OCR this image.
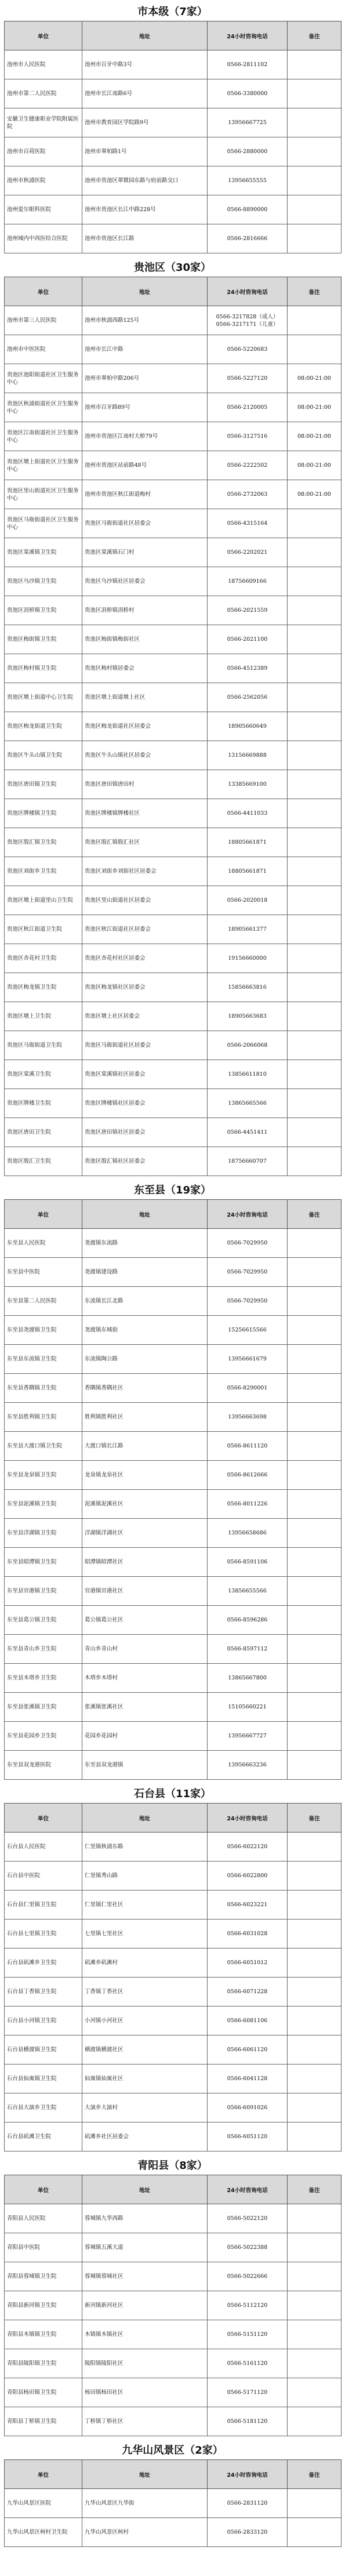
市本级（7家）
单位	地址	24小时咨询电话	备注
池州市人民医院	池州市百牙中路3号	0566-2811102	
池州市第二人民医院	池州市长江南路6号	0566-3380000	
安徽卫生健康职业学院附属医院	池州市教育园区学院路9号	13956667725	
池州市百荷医院	池州市翠柏路1号	0566-2880000	
池州市秋浦医院	池州市贵池区翠微园东路与府前路交口	13956655555	
池州爱尔眼科医院	池州市贵池区长江中路228号	0566-8890000	
池州城内中西医结合医院	池州市贵池区长江路	0566-2816666	
贵池区（30家）
单位	地址	24小时咨询电话	备注
池州市第三人民医院	池州市秋浦西路125号	0566-3217828（成人）0566-3217171（儿童）	
池州市中医医院	池州市长江中路	0566-5220683	
贵池区池阳街道社区卫生服务中心	池州市翠柏中路206号	0566-5227120	08:00-21:00
贵池区秋浦街道社区卫生服务中心	池州市百牙路89号	0566-2120005	08:00-21:00
贵池区江南街道社区卫生服务中心	池州市贵池区江南村大桥79号	0566-3127516	08:00-21:00
贵池区墩上街道社区卫生服务中心	池州市贵池区站前路48号	0566-2222502	08:00-21:00
贵池区里山街道社区卫生服务中心	池州市贵池区秋江街道梅村	0566-2732063	08:00-21:00
贵池区马衙街道社区卫生服务中心	贵池区马衙街道社区居委会	0566-4315164	
贵池区棠溪镇卫生院	贵池区棠溪镇石门村	0566-2202021	
贵池区乌沙镇卫生院	贵池区乌沙镇社区居委会	18756609166	
贵池区涓桥镇卫生院	贵池区涓桥镇涓桥村	0566-2021559	
贵池区梅街镇卫生院	贵池区梅街镇梅街社区	0566-2021100	
贵池区梅村镇卫生院	贵池区梅村镇居委会	0566-4512389	
贵池区墩上街道中心卫生院	贵池区墩上街道墩上社区	0566-2562056	
贵池区梅龙街道卫生院	贵池区梅龙街道社区居委会	18905660649	
贵池区牛头山镇卫生院	贵池区牛头山镇社区居委会	13156669888	
贵池区唐田镇卫生院	贵池区唐田镇唐田村	13385669100	
贵池区牌楼镇卫生院	贵池区牌楼镇牌楼社区	0566-4411033	
贵池区殷汇镇卫生院	贵池区殷汇镇殷汇社区	18805661871	
贵池区刘街乡卫生院	贵池区刘街乡刘街社区居委会	18805661871	
贵池区墩上街道里山卫生院	贵池区里山街道社区居委会	0566-2020018	
贵池区秋江街道卫生院	贵池区秋江街道社区居委会	18905661377	
贵池区杏花村卫生院	贵池区杏花村社区居委会	19156660000	
贵池区梅龙镇卫生院	贵池区梅龙镇社区居委会	15856663816	
贵池区墩上卫生院	贵池区墩上社区居委会	18905663683	
贵池区马衙街道卫生院	贵池区马衙街道社区居委会	0566-2066068	
贵池区棠溪卫生院	贵池区棠溪镇社区居委会	13856611810	
贵池区牌楼卫生院	贵池区牌楼镇社区居委会	13865665566	
贵池区唐田卫生院	贵池区唐田镇社区居委会	0566-4451411	
贵池区殷汇卫生院	贵池区殷汇镇社区居委会	18756660707	
东至县（19家）
单位	地址	24小时咨询电话	备注
东至县人民医院	尧渡镇东流路	0566-7029950	
东至县中医院	尧渡镇建设路	0566-7029950	
东至县第二人民医院	东流镇长江北路	0566-7029950	
东至县尧渡镇卫生院	尧渡镇东城街	15256615566	
东至县东流镇卫生院	东流镇陶公路	13956661679	
东至县香隅镇卫生院	香隅镇香隅社区	0566-8290001	
东至县胜利镇卫生院	胜利镇胜利社区	13956663698	
东至县大渡口镇卫生院	大渡口镇长江路	0566-8611120	
东至县龙泉镇卫生院	龙泉镇龙泉社区	0566-8612666	
东至县泥溪镇卫生院	泥溪镇泥溪社区	0566-8011226	
东至县洋湖镇卫生院	洋湖镇洋湖社区	13956658686	
东至县昭潭镇卫生院	昭潭镇昭潭社区	0566-8591106	
东至县官港镇卫生院	官港镇官港社区	13856655566	
东至县葛公镇卫生院	葛公镇葛公社区	0566-8596286	
东至县青山乡卫生院	青山乡青山村	0566-8597112	
东至县木塔乡卫生院	木塔乡木塔村	13865667800	
东至县张溪镇卫生院	张溪镇张溪社区	15105660221	
东至县花园乡卫生院	花园乡花园村	13956667727	
东至县双龙港医院	东至县双龙港镇	13956663236	
石台县（11家）
单位	地址	24小时咨询电话	备注
石台县人民医院	仁里镇秋浦东路	0566-6022120	
石台县中医院	仁里镇秀山路	0566-6022800	
石台县仁里镇卫生院	仁里镇仁里社区	0566-6023221	
石台县七里镇卫生院	七里镇七里社区	0566-6031028	
石台县矶滩乡卫生院	矶滩乡矶滩村	0566-6051012	
石台县丁香镇卫生院	丁香镇丁香社区	0566-6071228	
石台县小河镇卫生院	小河镇小河社区	0566-6081106	
石台县横渡镇卫生院	横渡镇横渡社区	0566-6061120	
石台县仙寓镇卫生院	仙寓镇仙寓社区	0566-6041128	
石台县大演乡卫生院	大演乡大演村	0566-6091026	
石台县矶滩卫生院	矶滩乡社区居委会	0566-6051120	
青阳县（8家）
单位	地址	24小时咨询电话	备注
青阳县人民医院	蓉城镇九华西路	0566-5022120	
青阳县中医院	蓉城镇五溪大道	0566-5022388	
青阳县蓉城镇卫生院	蓉城镇蓉城社区	0566-5022666	
青阳县新河镇卫生院	新河镇新河社区	0566-5112120	
青阳县木镇镇卫生院	木镇镇木镇社区	0566-5151120	
青阳县陵阳镇卫生院	陵阳镇陵阳社区	0566-5161120	
青阳县杨田镇卫生院	杨田镇杨田社区	0566-5171120	
青阳县丁桥镇卫生院	丁桥镇丁桥社区	0566-5181120	
九华山风景区（2家）
单位	地址	24小时咨询电话	备注
九华山风景区医院	九华山风景区九华街	0566-2831120	
九华山风景区柯村卫生院	九华山风景区柯村	0566-2833120	
